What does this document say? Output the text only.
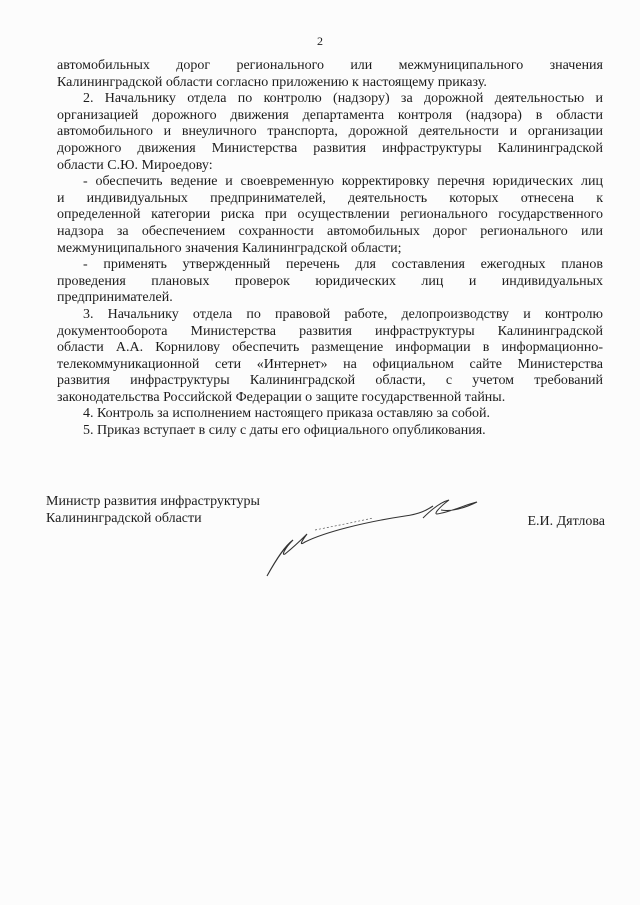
2
автомобильных дорог регионального или межмуниципального значения
Калининградской области согласно приложению к настоящему приказу.
2. Начальнику отдела по контролю (надзору) за дорожной деятельностью и
организацией дорожного движения департамента контроля (надзора) в области
автомобильного и внеуличного транспорта, дорожной деятельности и организации
дорожного движения Министерства развития инфраструктуры Калининградской
области С.Ю. Мироедову:
- обеспечить ведение и своевременную корректировку перечня юридических лиц
и индивидуальных предпринимателей, деятельность которых отнесена к
определенной категории риска при осуществлении регионального государственного
надзора за обеспечением сохранности автомобильных дорог регионального или
межмуниципального значения Калининградской области;
- применять утвержденный перечень для составления ежегодных планов
проведения плановых проверок юридических лиц и индивидуальных
предпринимателей.
3. Начальнику отдела по правовой работе, делопроизводству и контролю
документооборота Министерства развития инфраструктуры Калининградской
области А.А. Корнилову обеспечить размещение информации в информационно-
телекоммуникационной сети «Интернет» на официальном сайте Министерства
развития инфраструктуры Калининградской области, с учетом требований
законодательства Российской Федерации о защите государственной тайны.
4. Контроль за исполнением настоящего приказа оставляю за собой.
5. Приказ вступает в силу с даты его официального опубликования.
Министр развития инфраструктуры
Калининградской области	Е.И. Дятлова
